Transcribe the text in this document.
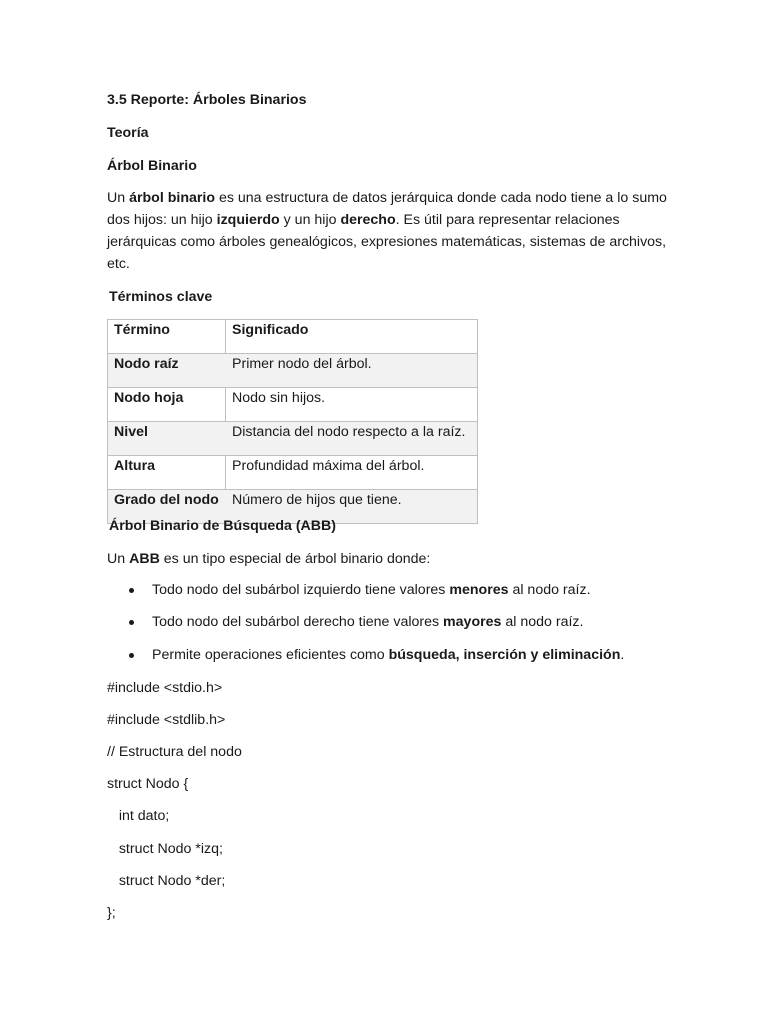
3.5 Reporte: Árboles Binarios

Teoría

Árbol Binario

Un árbol binario es una estructura de datos jerárquica donde cada nodo tiene a lo sumo dos hijos: un hijo izquierdo y un hijo derecho. Es útil para representar relaciones jerárquicas como árboles genealógicos, expresiones matemáticas, sistemas de archivos, etc.

Términos clave

Término	Significado
Nodo raíz	Primer nodo del árbol.
Nodo hoja	Nodo sin hijos.
Nivel	Distancia del nodo respecto a la raíz.
Altura	Profundidad máxima del árbol.
Grado del nodo	Número de hijos que tiene.

Árbol Binario de Búsqueda (ABB)

Un ABB es un tipo especial de árbol binario donde:

Todo nodo del subárbol izquierdo tiene valores menores al nodo raíz.
Todo nodo del subárbol derecho tiene valores mayores al nodo raíz.
Permite operaciones eficientes como búsqueda, inserción y eliminación.

#include <stdio.h>

#include <stdlib.h>

// Estructura del nodo

struct Nodo {

int dato;

struct Nodo *izq;

struct Nodo *der;

};
